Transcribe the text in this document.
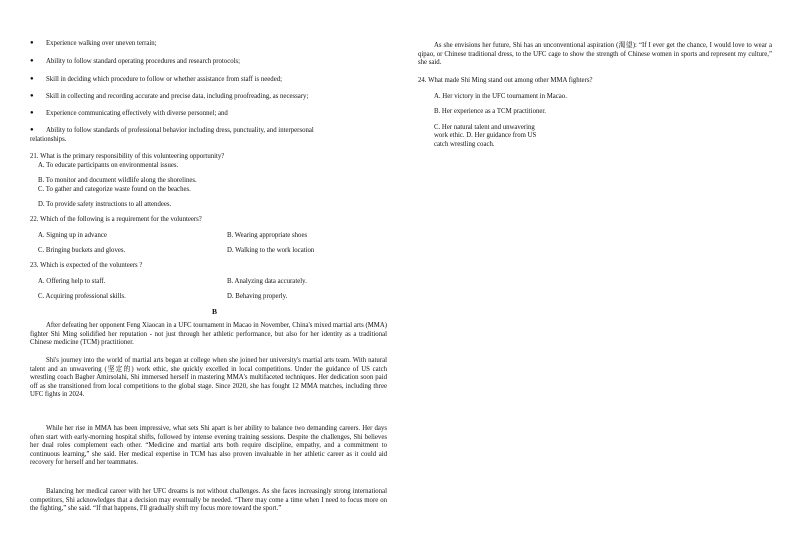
● Experience walking over uneven terrain;
● Ability to follow standard operating procedures and research protocols;
● Skill in deciding which procedure to follow or whether assistance from staff is needed;
● Skill in collecting and recording accurate and precise data, including proofreading, as necessary;
● Experience communicating effectively with diverse personnel; and
● Ability to follow standards of professional behavior including dress, punctuality, and interpersonal
relationships.
21. What is the primary responsibility of this volunteering opportunity?
A. To educate participants on environmental issues.
B. To monitor and document wildlife along the shorelines.
C. To gather and categorize waste found on the beaches.
D. To provide safety instructions to all attendees.
22. Which of the following is a requirement for the volunteers?
A. Signing up in advance	B. Wearing appropriate shoes
C. Bringing buckets and gloves.	D. Walking to the work location
23. Which is expected of the volunteers ?
A. Offering help to staff.	B. Analyzing data accurately.
C. Acquiring professional skills.	D. Behaving properly.
B
After defeating her opponent Feng Xiaocan in a UFC tournament in Macao in November, China's mixed martial arts (MMA) fighter Shi Ming solidified her reputation - not just through her athletic performance, but also for her identity as a traditional Chinese medicine (TCM) practitioner.
Shi's journey into the world of martial arts began at college when she joined her university's martial arts team. With natural talent and an unwavering (坚定的) work ethic, she quickly excelled in local competitions. Under the guidance of US catch wrestling coach Bagher Amirsolahi, Shi immersed herself in mastering MMA's multifaceted techniques. Her dedication soon paid off as she transitioned from local competitions to the global stage. Since 2020, she has fought 12 MMA matches, including three UFC fights in 2024.
While her rise in MMA has been impressive, what sets Shi apart is her ability to balance two demanding careers. Her days often start with early-morning hospital shifts, followed by intense evening training sessions. Despite the challenges, Shi believes her dual roles complement each other. “Medicine and martial arts both require discipline, empathy, and a commitment to continuous learning,” she said. Her medical expertise in TCM has also proven invaluable in her athletic career as it could aid recovery for herself and her teammates.
Balancing her medical career with her UFC dreams is not without challenges. As she faces increasingly strong international competitors, Shi acknowledges that a decision may eventually be needed. “There may come a time when I need to focus more on the fighting,” she said. “If that happens, I'll gradually shift my focus more toward the sport.”
As she envisions her future, Shi has an unconventional aspiration (渴望): “If I ever get the chance, I would love to wear a qipao, or Chinese traditional dress, to the UFC cage to show the strength of Chinese women in sports and represent my culture,” she said.
24. What made Shi Ming stand out among other MMA fighters?
A. Her victory in the UFC tournament in Macao.
B. Her experience as a TCM practitioner.
C. Her natural talent and unwavering
work ethic. D. Her guidance from US
catch wrestling coach.
